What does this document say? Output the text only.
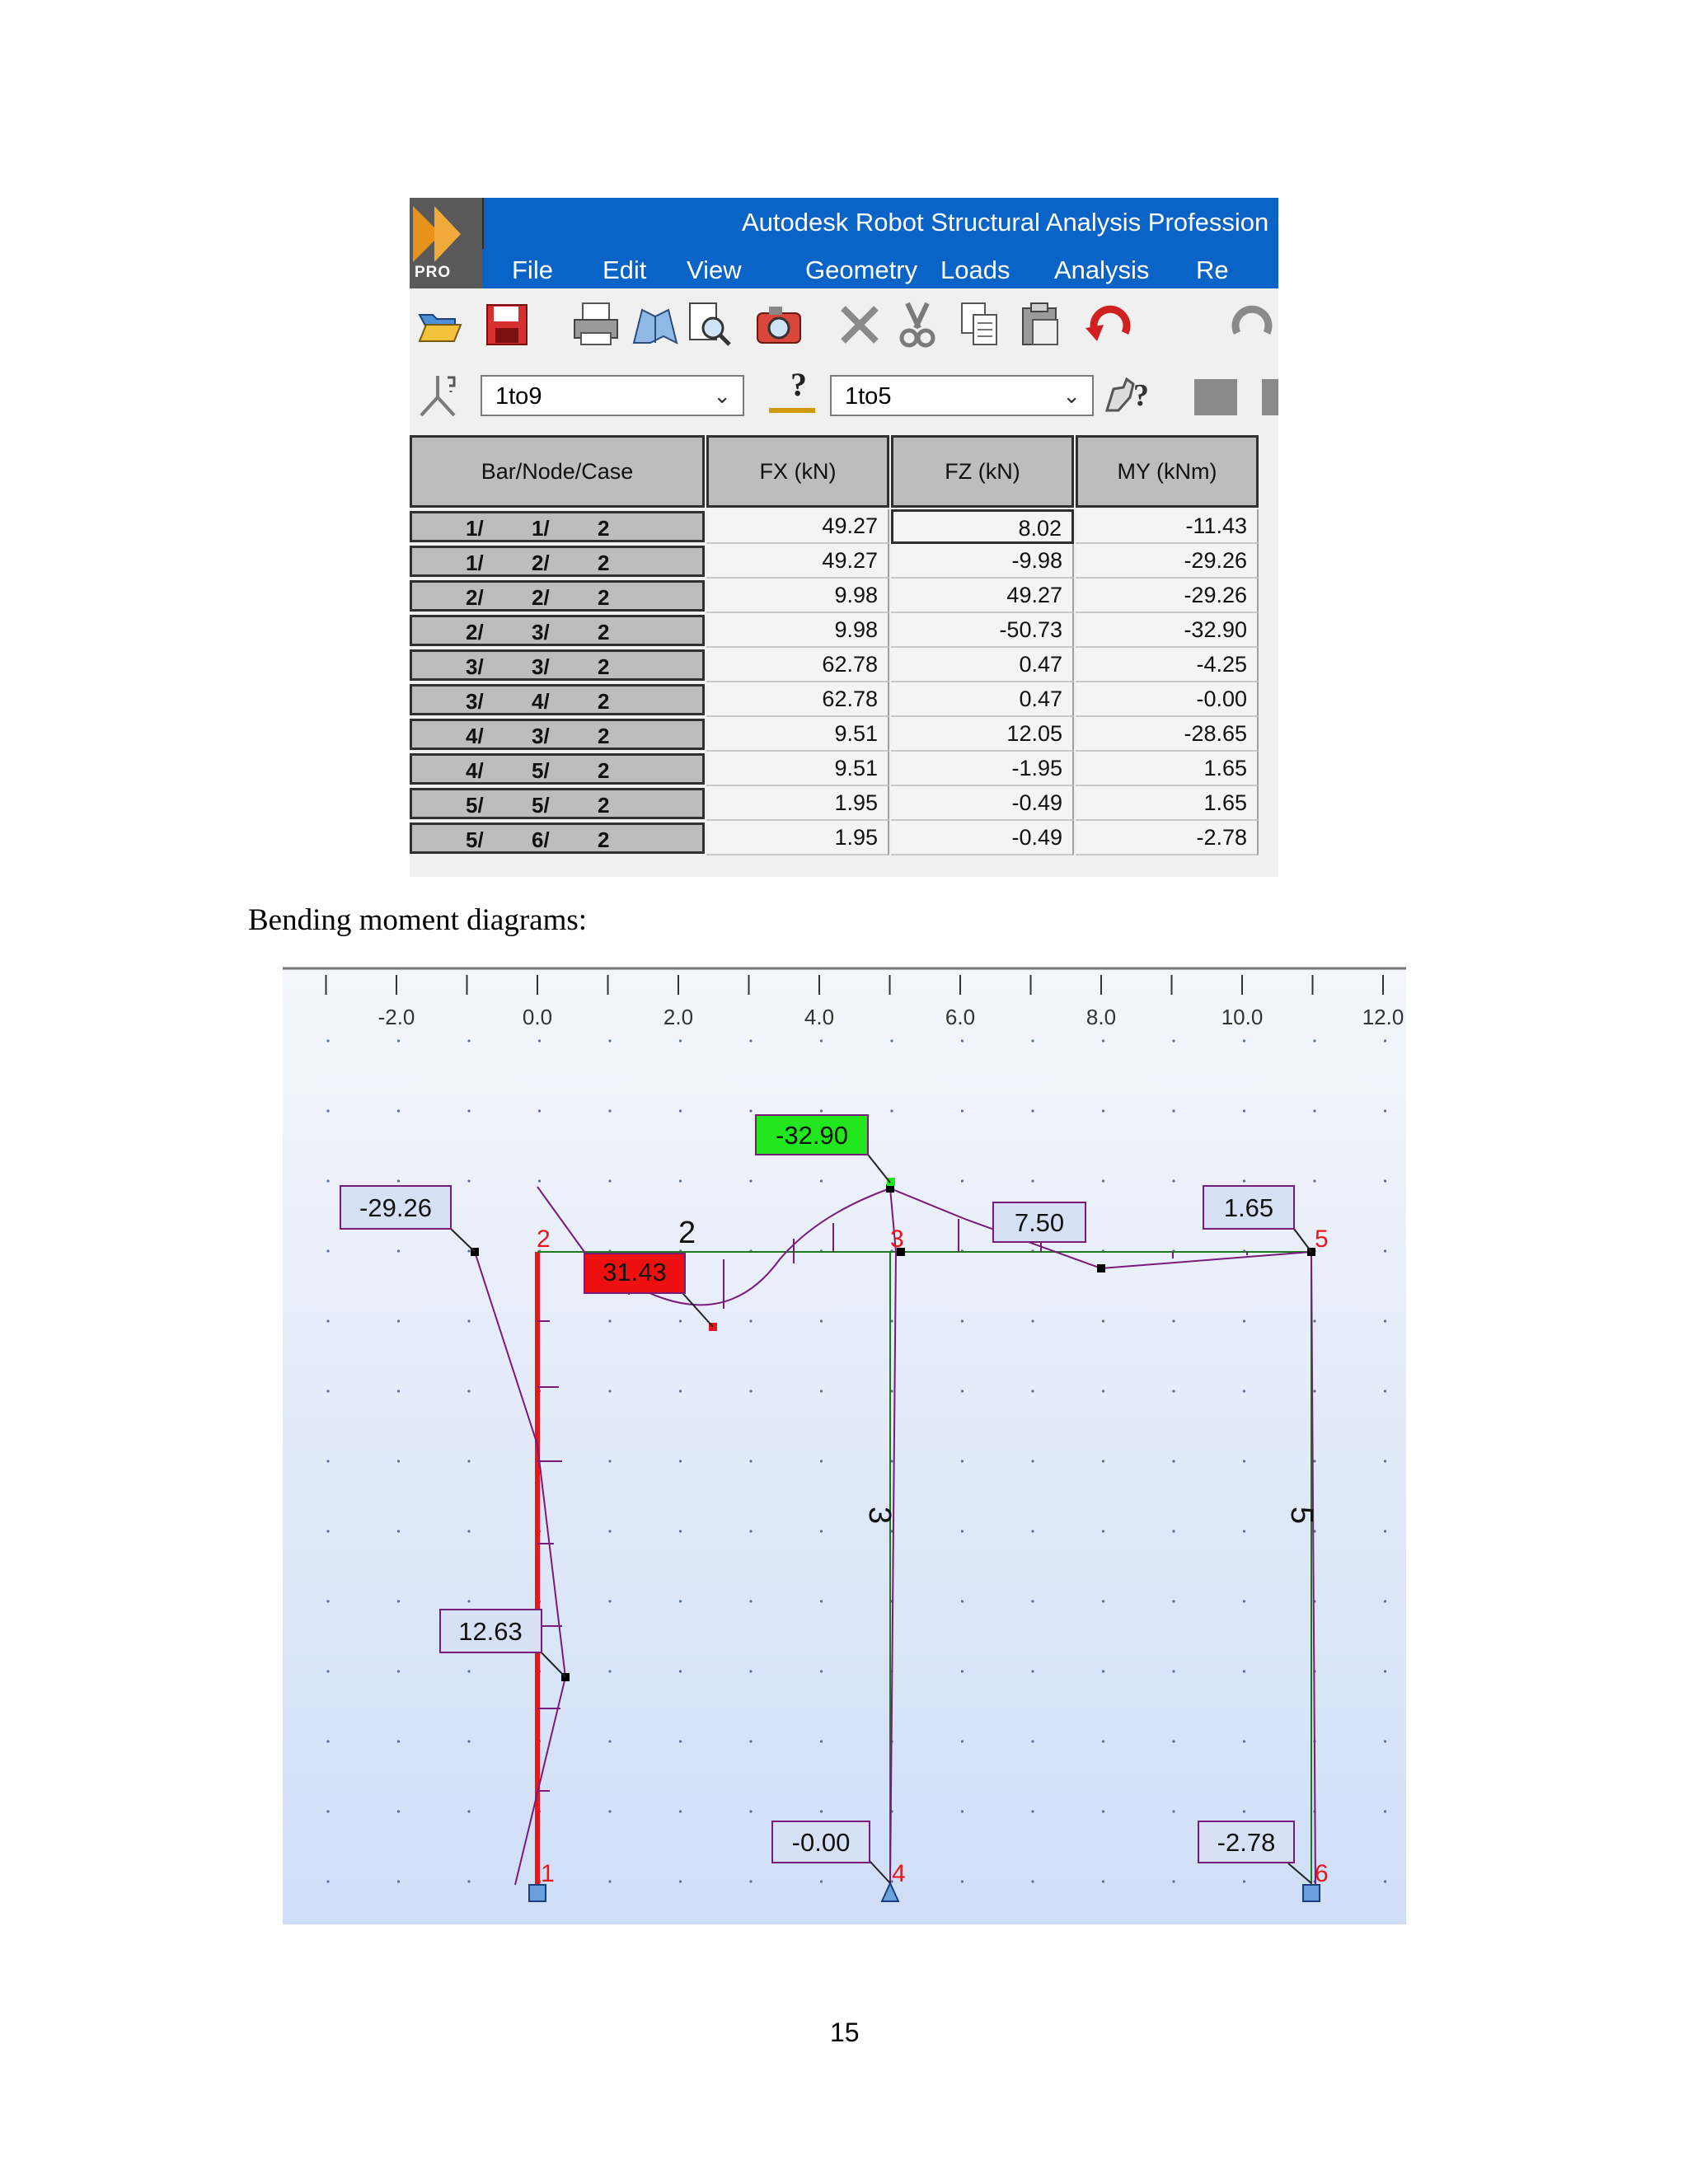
Autodesk Robot Structural Analysis Profession
PRO File Edit View Geometry Loads Analysis Re
1to9	⌄ ? 1to5	⌄ ?
Bar/Node/Case	FX (kN)	FZ (kN)	MY (kNm)
1/ 1/ 2	49.27	8.02	-11.43
1/ 2/ 2	49.27	-9.98	-29.26
2/ 2/ 2	9.98	49.27	-29.26
2/ 3/ 2	9.98	-50.73	-32.90
3/ 3/ 2	62.78	0.47	-4.25
3/ 4/ 2	62.78	0.47	-0.00
4/ 3/ 2	9.51	12.05	-28.65
4/ 5/ 2	9.51	-1.95	1.65
5/ 5/ 2	1.95	-0.49	1.65
5/ 6/ 2	1.95	-0.49	-2.78
Bending moment diagrams:
-2.0	0.0	2.0	4.0	6.0	8.0	10.0	12.0
-29.26
31.43
-32.90
7.50
1.65
12.63
-0.00	-2.78
1
2	3
4
5
6
2
3	5
15
